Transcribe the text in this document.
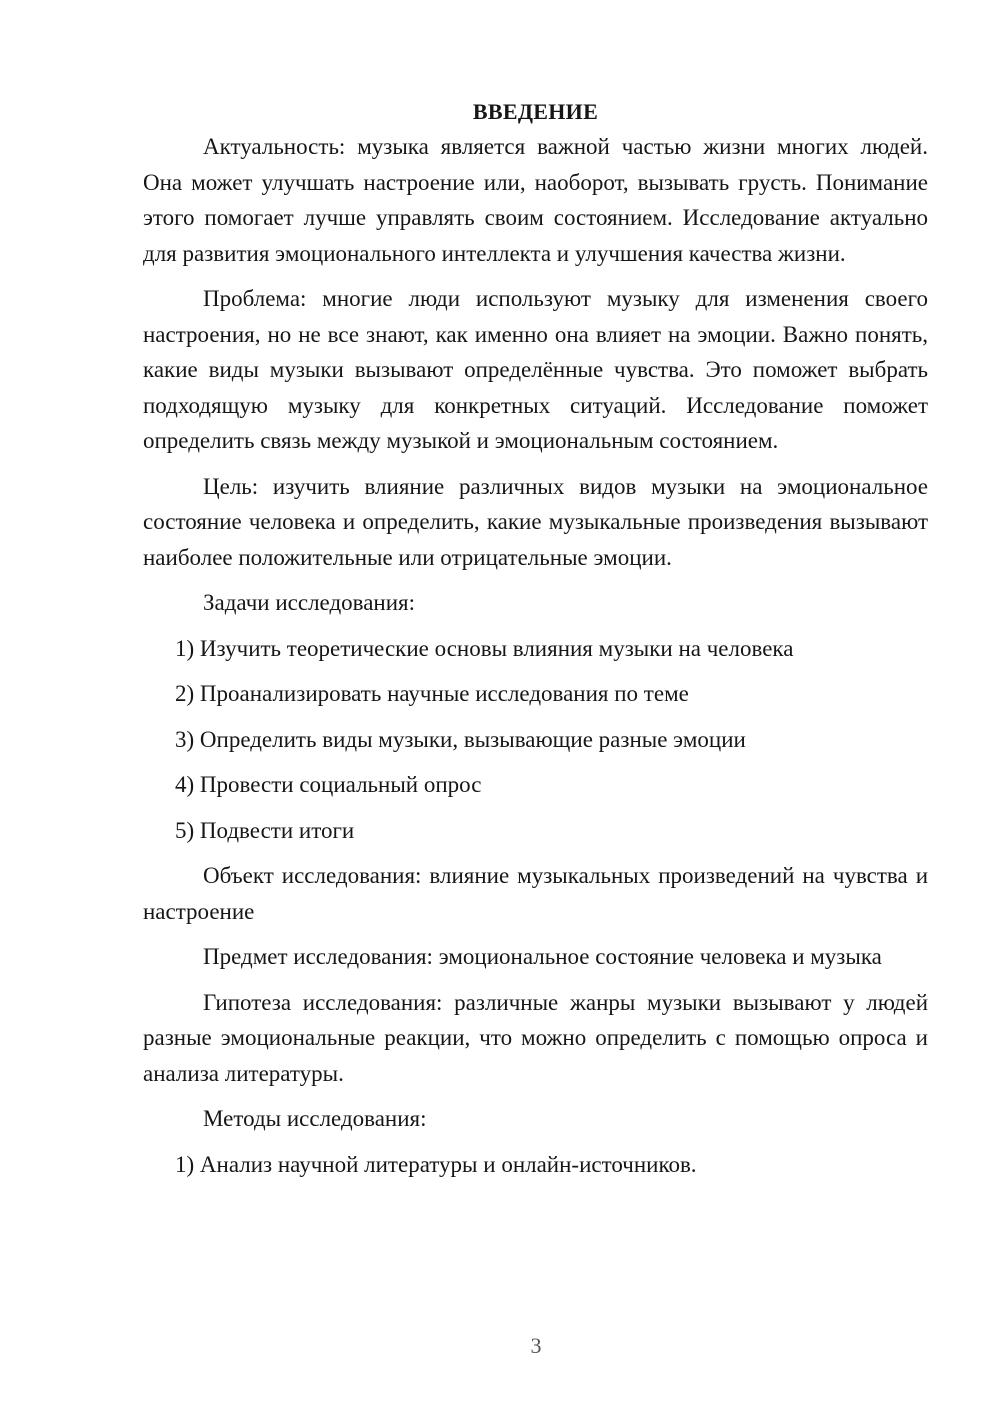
ВВЕДЕНИЕ

Актуальность: музыка является важной частью жизни многих людей. Она может улучшать настроение или, наоборот, вызывать грусть. Понимание этого помогает лучше управлять своим состоянием. Исследование актуально для развития эмоционального интеллекта и улучшения качества жизни.

Проблема: многие люди используют музыку для изменения своего настроения, но не все знают, как именно она влияет на эмоции. Важно понять, какие виды музыки вызывают определённые чувства. Это поможет выбрать подходящую музыку для конкретных ситуаций. Исследование поможет определить связь между музыкой и эмоциональным состоянием.

Цель: изучить влияние различных видов музыки на эмоциональное состояние человека и определить, какие музыкальные произведения вызывают наиболее положительные или отрицательные эмоции.

Задачи исследования:

1) Изучить теоретические основы влияния музыки на человека
2) Проанализировать научные исследования по теме
3) Определить виды музыки, вызывающие разные эмоции
4) Провести социальный опрос
5) Подвести итоги

Объект исследования: влияние музыкальных произведений на чувства и настроение

Предмет исследования: эмоциональное состояние человека и музыка

Гипотеза исследования: различные жанры музыки вызывают у людей разные эмоциональные реакции, что можно определить с помощью опроса и анализа литературы.

Методы исследования:

1) Анализ научной литературы и онлайн-источников.
3
